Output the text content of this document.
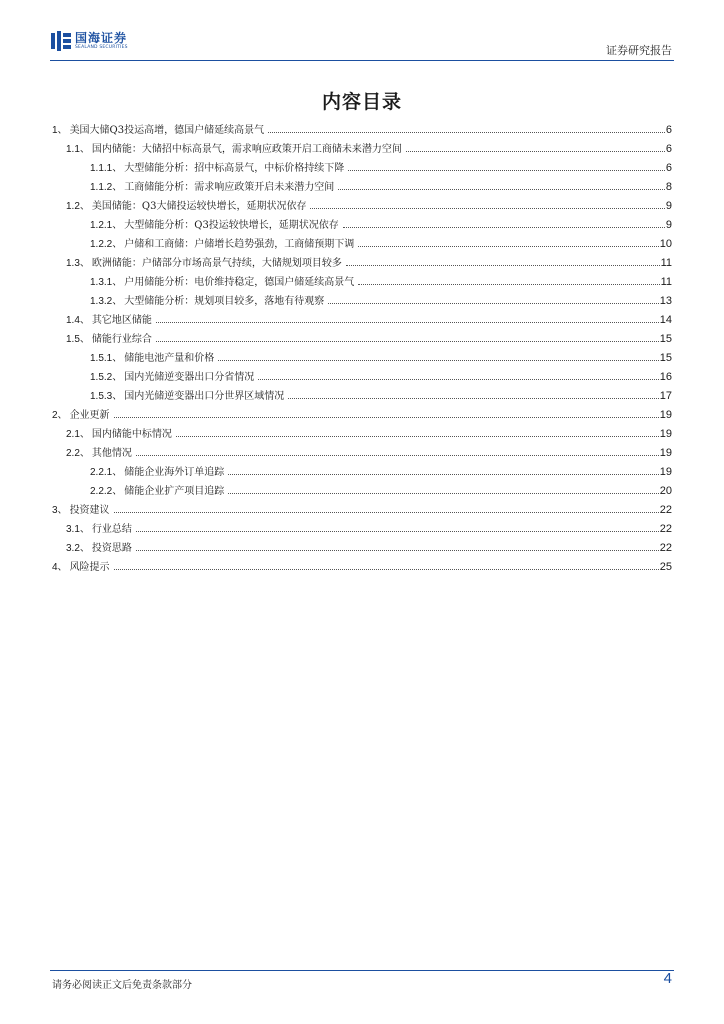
国海证券
SEALAND SECURITIES	证券研究报告
内容目录
1、 美国大储Q3投运高增，德国户储延续高景气	6
1.1、 国内储能：大储招中标高景气，需求响应政策开启工商储未来潜力空间	6
1.1.1、 大型储能分析：招中标高景气，中标价格持续下降	6
1.1.2、 工商储能分析：需求响应政策开启未来潜力空间	8
1.2、 美国储能：Q3大储投运较快增长，延期状况依存	9
1.2.1、 大型储能分析：Q3投运较快增长，延期状况依存	9
1.2.2、 户储和工商储：户储增长趋势强劲，工商储预期下调	10
1.3、 欧洲储能：户储部分市场高景气持续，大储规划项目较多	11
1.3.1、 户用储能分析：电价维持稳定，德国户储延续高景气	11
1.3.2、 大型储能分析：规划项目较多，落地有待观察	13
1.4、 其它地区储能	14
1.5、 储能行业综合	15
1.5.1、 储能电池产量和价格	15
1.5.2、 国内光储逆变器出口分省情况	16
1.5.3、 国内光储逆变器出口分世界区域情况	17
2、 企业更新	19
2.1、 国内储能中标情况	19
2.2、 其他情况	19
2.2.1、 储能企业海外订单追踪	19
2.2.2、 储能企业扩产项目追踪	20
3、 投资建议	22
3.1、 行业总结	22
3.2、 投资思路	22
4、 风险提示	25
请务必阅读正文后免责条款部分	4
